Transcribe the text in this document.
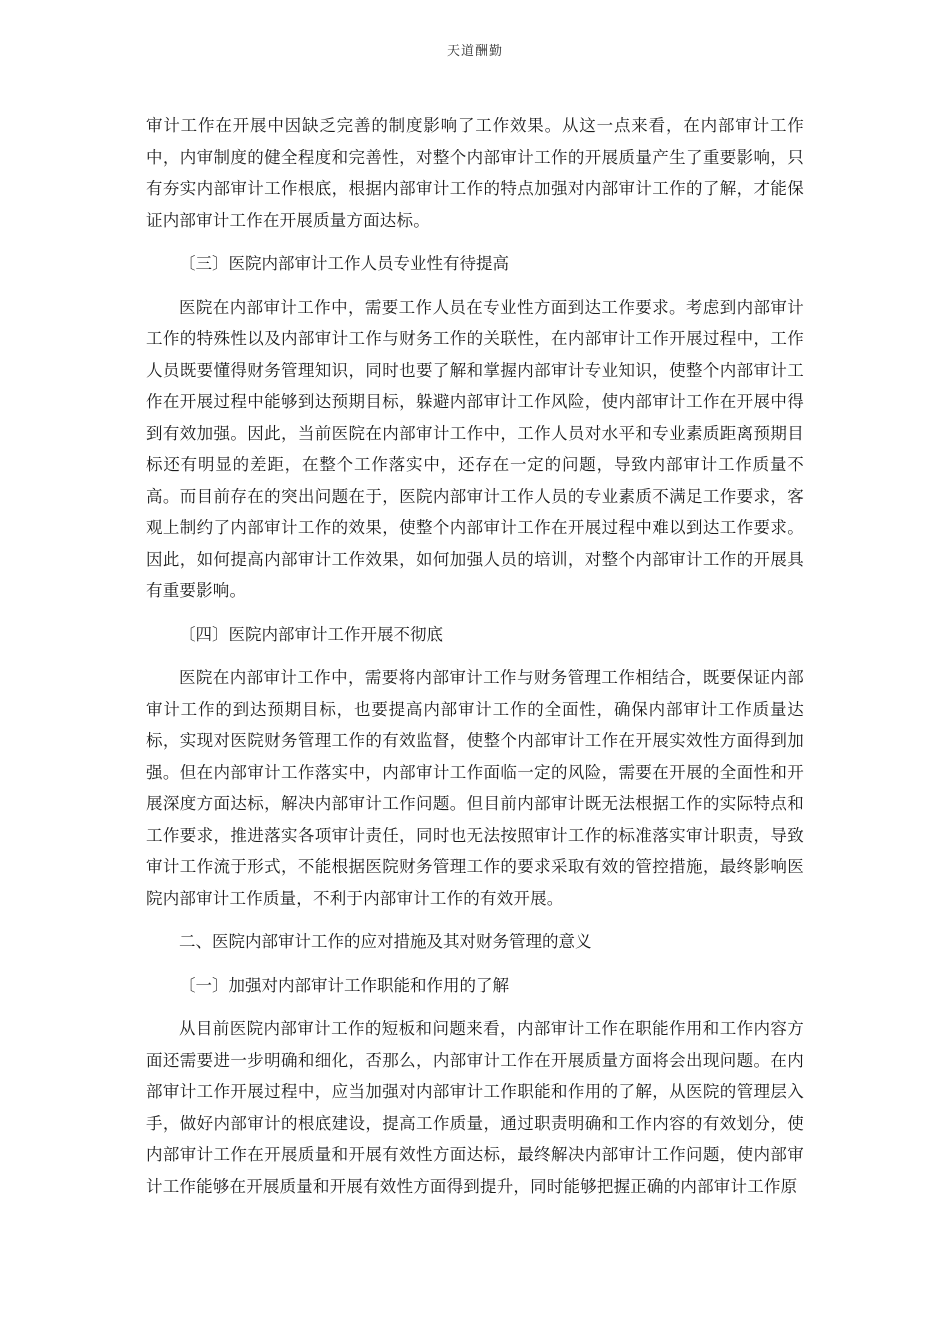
天道酬勤

审计工作在开展中因缺乏完善的制度影响了工作效果。从这一点来看，在内部审计工作中，内审制度的健全程度和完善性，对整个内部审计工作的开展质量产生了重要影响，只有夯实内部审计工作根底，根据内部审计工作的特点加强对内部审计工作的了解，才能保证内部审计工作在开展质量方面达标。

〔三〕医院内部审计工作人员专业性有待提高

医院在内部审计工作中，需要工作人员在专业性方面到达工作要求。考虑到内部审计工作的特殊性以及内部审计工作与财务工作的关联性，在内部审计工作开展过程中，工作人员既要懂得财务管理知识，同时也要了解和掌握内部审计专业知识，使整个内部审计工作在开展过程中能够到达预期目标，躲避内部审计工作风险，使内部审计工作在开展中得到有效加强。因此，当前医院在内部审计工作中，工作人员对水平和专业素质距离预期目标还有明显的差距，在整个工作落实中，还存在一定的问题，导致内部审计工作质量不高。而目前存在的突出问题在于，医院内部审计工作人员的专业素质不满足工作要求，客观上制约了内部审计工作的效果，使整个内部审计工作在开展过程中难以到达工作要求。因此，如何提高内部审计工作效果，如何加强人员的培训，对整个内部审计工作的开展具有重要影响。

〔四〕医院内部审计工作开展不彻底

医院在内部审计工作中，需要将内部审计工作与财务管理工作相结合，既要保证内部审计工作的到达预期目标，也要提高内部审计工作的全面性，确保内部审计工作质量达标，实现对医院财务管理工作的有效监督，使整个内部审计工作在开展实效性方面得到加强。但在内部审计工作落实中，内部审计工作面临一定的风险，需要在开展的全面性和开展深度方面达标，解决内部审计工作问题。但目前内部审计既无法根据工作的实际特点和工作要求，推进落实各项审计责任，同时也无法按照审计工作的标准落实审计职责，导致审计工作流于形式，不能根据医院财务管理工作的要求采取有效的管控措施，最终影响医院内部审计工作质量，不利于内部审计工作的有效开展。

二、医院内部审计工作的应对措施及其对财务管理的意义

〔一〕加强对内部审计工作职能和作用的了解

从目前医院内部审计工作的短板和问题来看，内部审计工作在职能作用和工作内容方面还需要进一步明确和细化，否那么，内部审计工作在开展质量方面将会出现问题。在内部审计工作开展过程中，应当加强对内部审计工作职能和作用的了解，从医院的管理层入手，做好内部审计的根底建设，提高工作质量，通过职责明确和工作内容的有效划分，使内部审计工作在开展质量和开展有效性方面达标，最终解决内部审计工作问题，使内部审计工作能够在开展质量和开展有效性方面得到提升，同时能够把握正确的内部审计工作原
